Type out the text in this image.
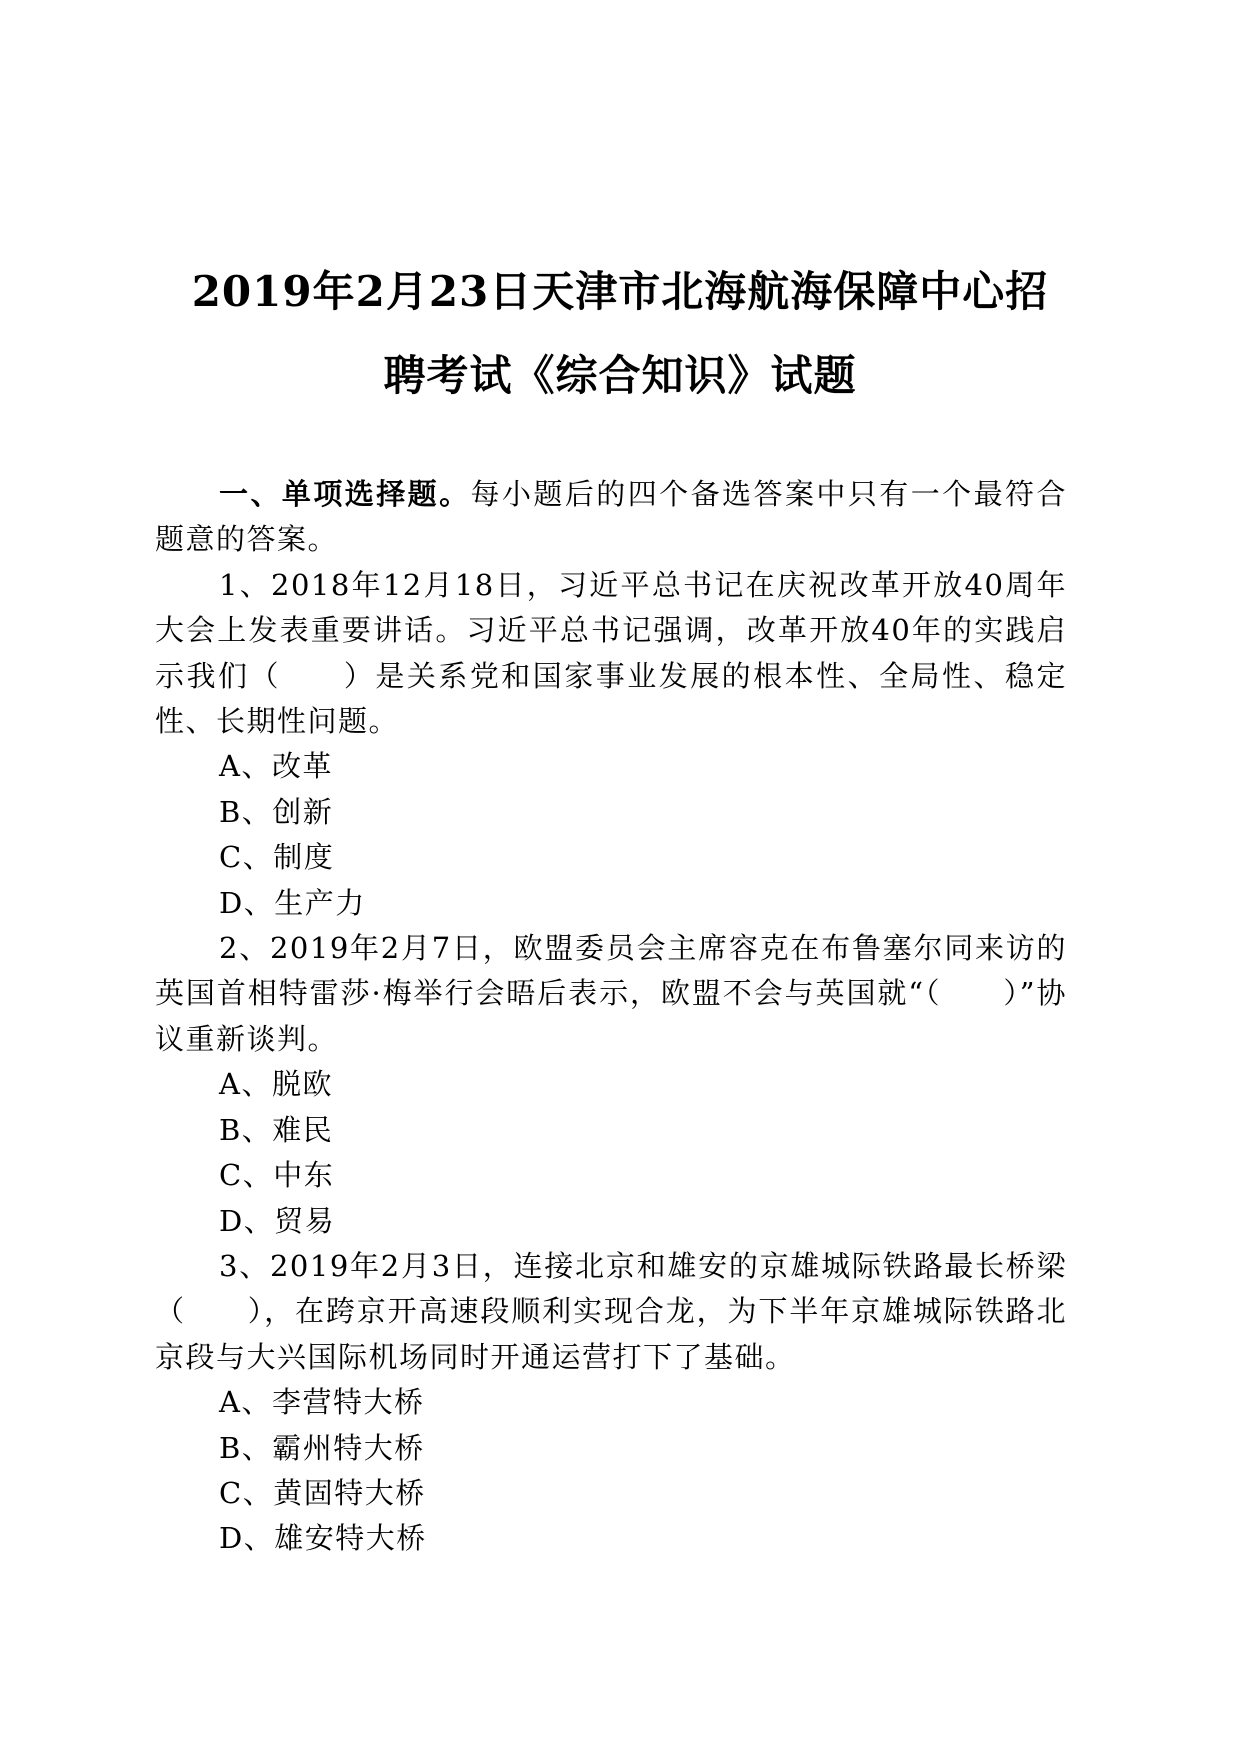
2019年2月23日天津市北海航海保障中心招
聘考试《综合知识》试题

一、单项选择题。每小题后的四个备选答案中只有一个最符合题意的答案。

1、2018年12月18日，习近平总书记在庆祝改革开放40周年大会上发表重要讲话。习近平总书记强调，改革开放40年的实践启示我们（　　）是关系党和国家事业发展的根本性、全局性、稳定性、长期性问题。

A、改革

B、创新

C、制度

D、生产力

2、2019年2月7日，欧盟委员会主席容克在布鲁塞尔同来访的英国首相特雷莎·梅举行会晤后表示，欧盟不会与英国就“（　　）”协议重新谈判。

A、脱欧

B、难民

C、中东

D、贸易

3、2019年2月3日，连接北京和雄安的京雄城际铁路最长桥梁（　　），在跨京开高速段顺利实现合龙，为下半年京雄城际铁路北京段与大兴国际机场同时开通运营打下了基础。

A、李营特大桥

B、霸州特大桥

C、黄固特大桥

D、雄安特大桥
